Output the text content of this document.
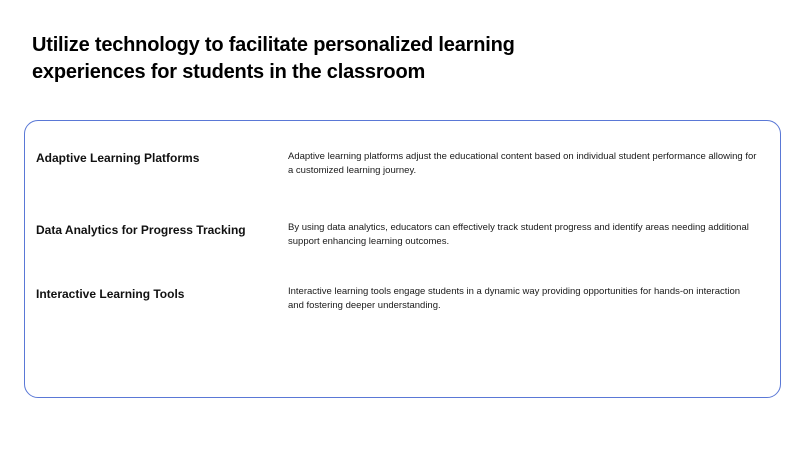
Utilize technology to facilitate personalized learning experiences for students in the classroom
Adaptive Learning Platforms	Adaptive learning platforms adjust the educational content based on individual student performance allowing for a customized learning journey.

Data Analytics for Progress Tracking	By using data analytics, educators can effectively track student progress and identify areas needing additional support enhancing learning outcomes.

Interactive Learning Tools	Interactive learning tools engage students in a dynamic way providing opportunities for hands-on interaction and fostering deeper understanding.
